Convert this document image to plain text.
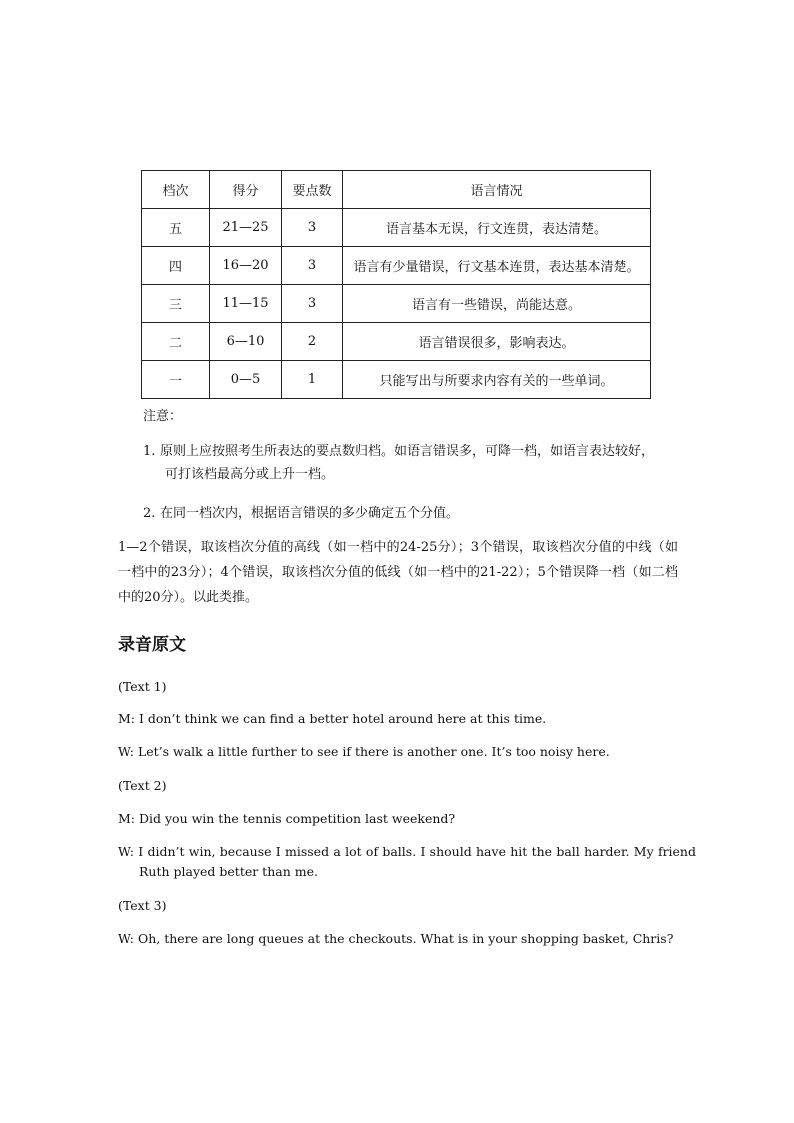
档次	得分	要点数	语言情况
五	21—25	3	语言基本无误，行文连贯，表达清楚。
四	16—20	3	语言有少量错误，行文基本连贯，表达基本清楚。
三	11—15	3	语言有一些错误，尚能达意。
二	6—10	2	语言错误很多，影响表达。
一	0—5	1	只能写出与所要求内容有关的一些单词。
注意：
1. 原则上应按照考生所表达的要点数归档。如语言错误多，可降一档，如语言表达较好，
可打该档最高分或上升一档。
2. 在同一档次内，根据语言错误的多少确定五个分值。
1—2个错误，取该档次分值的高线（如一档中的24-25分）；3个错误，取该档次分值的中线（如一档中的23分）；4个错误，取该档次分值的低线（如一档中的21-22）；5个错误降一档（如二档中的20分）。以此类推。
录音原文
(Text 1)
M: I don’t think we can find a better hotel around here at this time.
W: Let’s walk a little further to see if there is another one. It’s too noisy here.
(Text 2)
M: Did you win the tennis competition last weekend?
W: I didn’t win, because I missed a lot of balls. I should have hit the ball harder. My friend Ruth played better than me.
(Text 3)
W: Oh, there are long queues at the checkouts. What is in your shopping basket, Chris?
